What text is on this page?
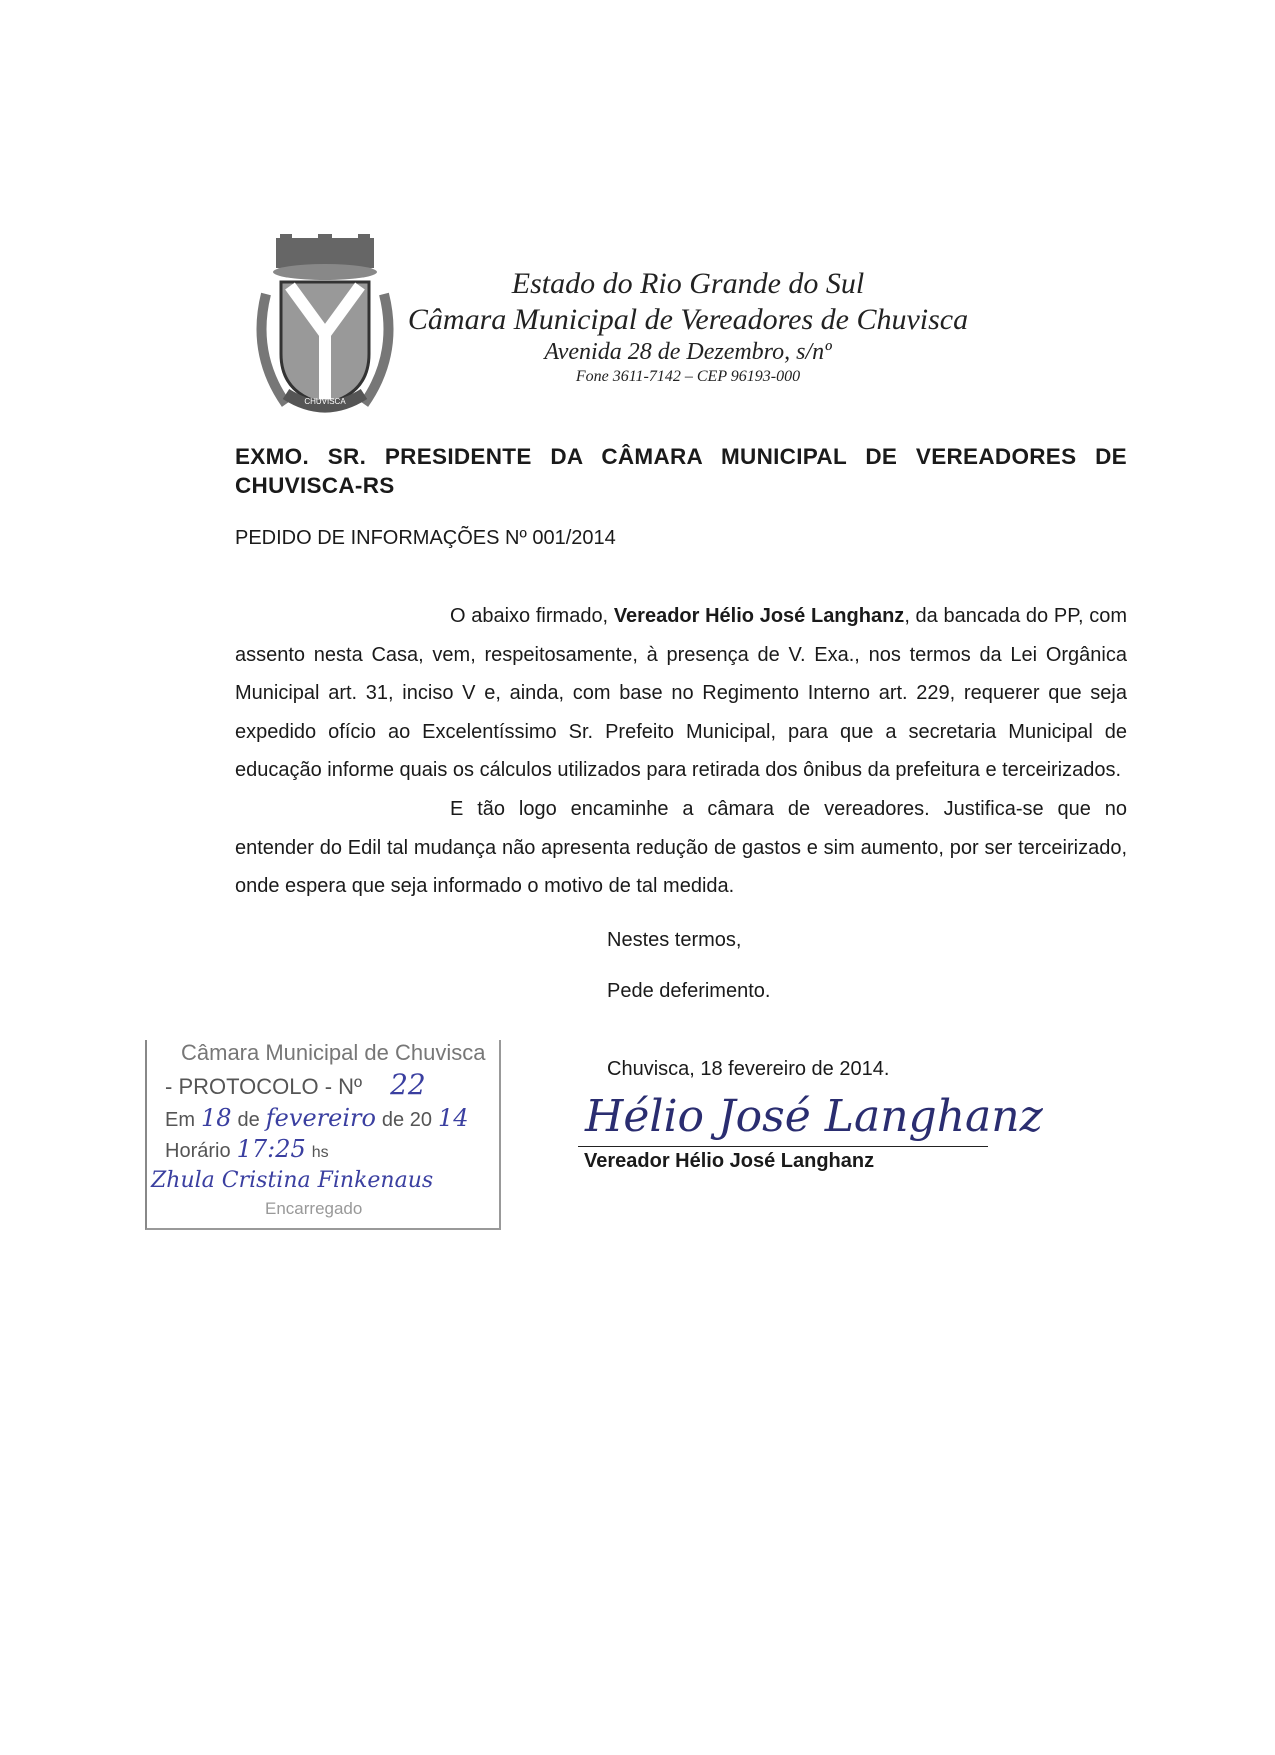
CHUVISCA
Estado do Rio Grande do Sul
Câmara Municipal de Vereadores de Chuvisca
Avenida 28 de Dezembro, s/nº
Fone 3611-7142 – CEP 96193-000
EXMO. SR. PRESIDENTE DA CÂMARA MUNICIPAL DE VEREADORES DE CHUVISCA-RS
PEDIDO DE INFORMAÇÕES Nº 001/2014

O abaixo firmado, Vereador Hélio José Langhanz, da bancada do PP, com assento nesta Casa, vem, respeitosamente, à presença de V. Exa., nos termos da Lei Orgânica Municipal art. 31, inciso V e, ainda, com base no Regimento Interno art. 229, requerer que seja expedido ofício ao Excelentíssimo Sr. Prefeito Municipal, para que a secretaria Municipal de educação informe quais os cálculos utilizados para retirada dos ônibus da prefeitura e terceirizados.

E tão logo encaminhe a câmara de vereadores. Justifica-se que no entender do Edil tal mudança não apresenta redução de gastos e sim aumento, por ser terceirizado, onde espera que seja informado o motivo de tal medida.

Nestes termos,
Pede deferimento.
Chuvisca, 18 fevereiro de 2014.
Hélio José Langhanz
Vereador Hélio José Langhanz
Câmara Municipal de Chuvisca
- PROTOCOLO - Nº 22
Em 18 de fevereiro de 20 14
Horário 17:25 hs
Zhula Cristina Finkenaus
Encarregado
